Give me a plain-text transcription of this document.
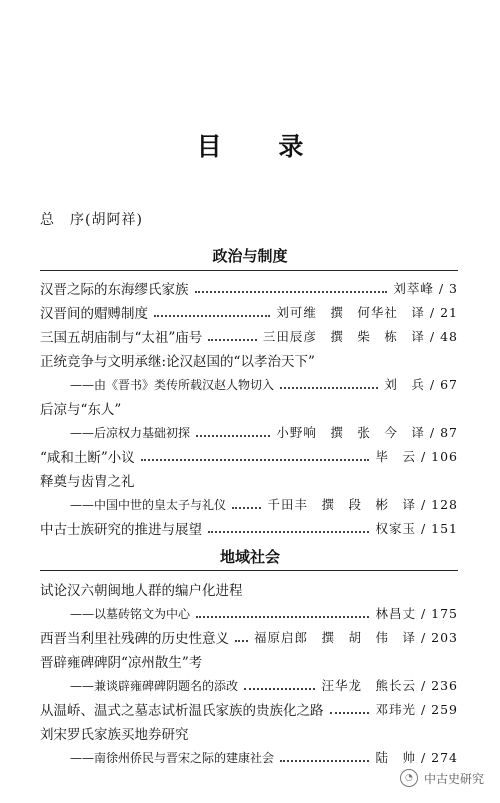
目 录
总　序(胡阿祥)
政治与制度
汉晋之际的东海缪氏家族	刘萃峰 / 3
汉晋间的赗赙制度	刘可维　撰　何华社　译 / 21
三国五胡庙制与“太祖”庙号	三田辰彦　撰　柴　栋　译 / 48
正统竞争与文明承继:论汉赵国的“以孝治天下”
——由《晋书》类传所载汉赵人物切入	刘　兵 / 67
后凉与“东人”
——后凉权力基础初探	小野响　撰　张　今　译 / 87
“咸和土断”小议	毕　云 / 106
释奠与齿胄之礼
——中国中世的皇太子与礼仪	千田丰　撰　段　彬　译 / 128
中古士族研究的推进与展望	权家玉 / 151
地域社会
试论汉六朝闽地人群的编户化进程
——以墓砖铭文为中心	林昌丈 / 175
西晋当利里社残碑的历史性意义 福原启郎　撰　胡　伟　译 / 203
晋辟雍碑碑阴“凉州散生”考
——兼谈辟雍碑碑阴题名的添改	汪华龙　熊长云 / 236
从温峤、温式之墓志试析温氏家族的贵族化之路	邓玮光 / 259
刘宋罗氏家族买地券研究
——南徐州侨民与晋宋之际的建康社会	陆　帅 / 274
◔ 中古史研究
